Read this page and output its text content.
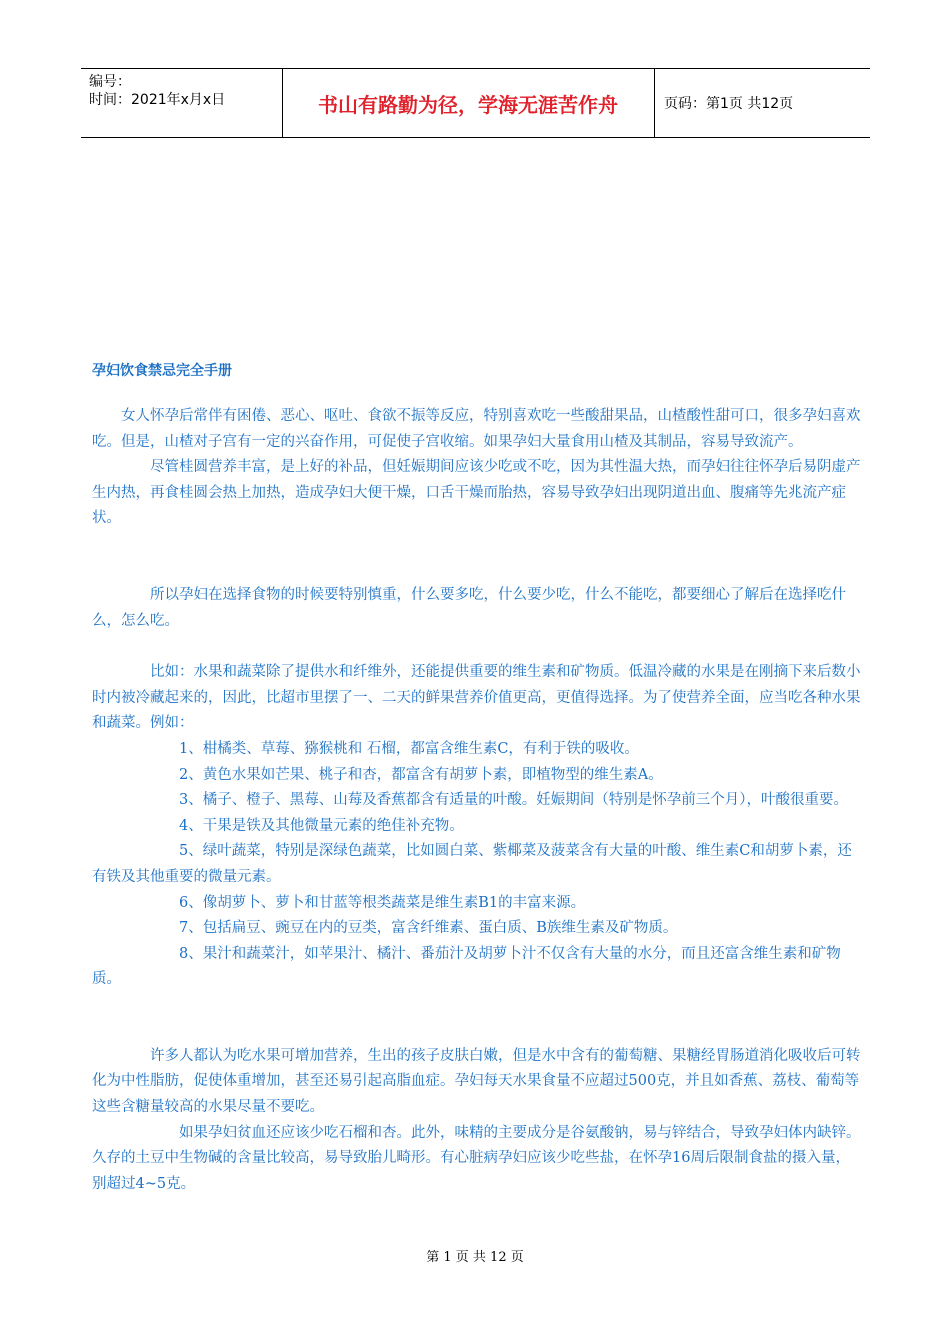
编号：
时间：2021年x月x日	书山有路勤为径，学海无涯苦作舟	页码：第1页 共12页
孕妇饮食禁忌完全手册

女人怀孕后常伴有困倦、恶心、呕吐、食欲不振等反应，特别喜欢吃一些酸甜果品，山楂酸性甜可口，很多孕妇喜欢吃。但是，山楂对子宫有一定的兴奋作用，可促使子宫收缩。如果孕妇大量食用山楂及其制品，容易导致流产。

尽管桂圆营养丰富，是上好的补品，但妊娠期间应该少吃或不吃，因为其性温大热，而孕妇往往怀孕后易阴虚产生内热，再食桂圆会热上加热，造成孕妇大便干燥，口舌干燥而胎热，容易导致孕妇出现阴道出血、腹痛等先兆流产症状。

所以孕妇在选择食物的时候要特别慎重，什么要多吃，什么要少吃，什么不能吃，都要细心了解后在选择吃什么，怎么吃。

比如：水果和蔬菜除了提供水和纤维外，还能提供重要的维生素和矿物质。低温冷藏的水果是在刚摘下来后数小时内被冷藏起来的，因此，比超市里摆了一、二天的鲜果营养价值更高，更值得选择。为了使营养全面，应当吃各种水果和蔬菜。例如：

1、柑橘类、草莓、猕猴桃和 石榴，都富含维生素C，有利于铁的吸收。

2、黄色水果如芒果、桃子和杏，都富含有胡萝卜素，即植物型的维生素A。

3、橘子、橙子、黑莓、山莓及香蕉都含有适量的叶酸。妊娠期间（特别是怀孕前三个月），叶酸很重要。

4、干果是铁及其他微量元素的绝佳补充物。

5、绿叶蔬菜，特别是深绿色蔬菜，比如圆白菜、紫椰菜及菠菜含有大量的叶酸、维生素C和胡萝卜素，还有铁及其他重要的微量元素。

6、像胡萝卜、萝卜和甘蓝等根类蔬菜是维生素B1的丰富来源。

7、包括扁豆、豌豆在内的豆类，富含纤维素、蛋白质、B族维生素及矿物质。

8、果汁和蔬菜汁，如苹果汁、橘汁、番茄汁及胡萝卜汁不仅含有大量的水分，而且还富含维生素和矿物质。

许多人都认为吃水果可增加营养，生出的孩子皮肤白嫩，但是水中含有的葡萄糖、果糖经胃肠道消化吸收后可转化为中性脂肪，促使体重增加，甚至还易引起高脂血症。孕妇每天水果食量不应超过500克，并且如香蕉、荔枝、葡萄等这些含糖量较高的水果尽量不要吃。

如果孕妇贫血还应该少吃石榴和杏。此外，味精的主要成分是谷氨酸钠，易与锌结合，导致孕妇体内缺锌。 久存的土豆中生物碱的含量比较高，易导致胎儿畸形。有心脏病孕妇应该少吃些盐，在怀孕16周后限制食盐的摄入量，别超过4~5克。

第 1 页 共 12 页
